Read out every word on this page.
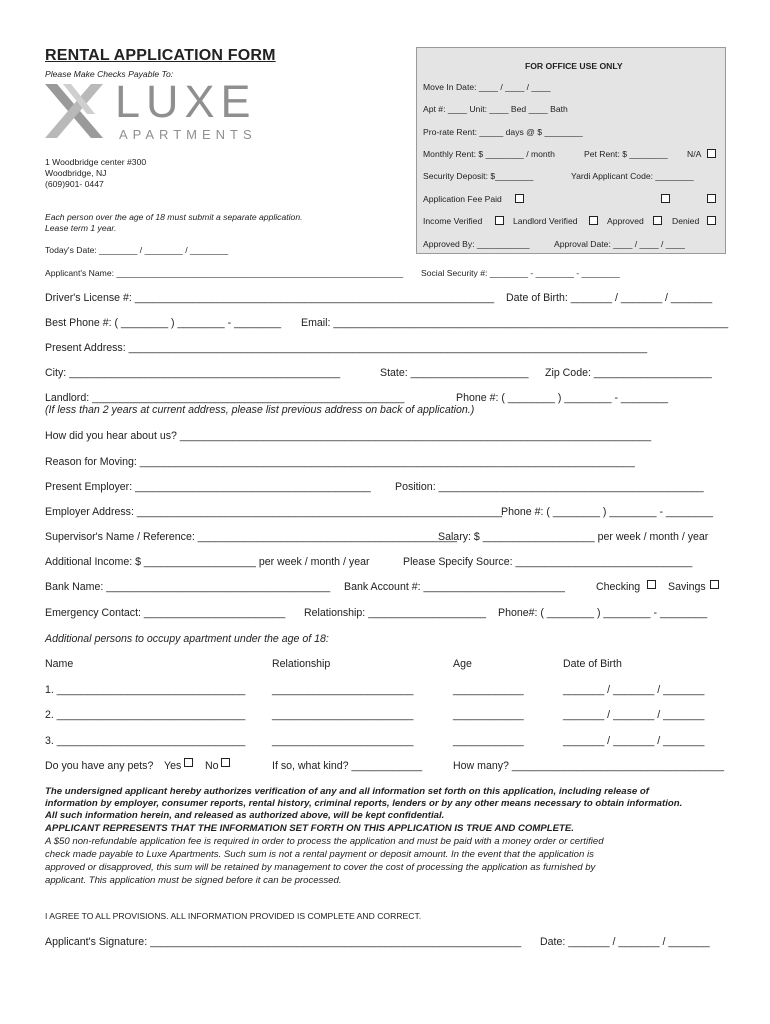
RENTAL APPLICATION FORM
Please Make Checks Payable To:
LUXE
APARTMENTS
1 Woodbridge center #300
Woodbridge, NJ
(609)901- 0447
Each person over the age of 18 must submit a separate application.
Lease term 1 year.
Today's Date: ________ / ________ / ________
FOR OFFICE USE ONLY
Move In Date: ____ / ____ / ____
Apt #: ____ Unit: ____ Bed ____ Bath
Pro-rate Rent: _____ days @ $ ________
Monthly Rent: $ ________ / month	Pet Rent: $ ________ N/A
Security Deposit: $________	Yardi Applicant Code: ________
Application Fee Paid
Income Verified	Landlord Verified	Approved	Denied
Approved By: ___________	Approval Date: ____ / ____ / ____
Applicant's Name: ____________________________________________________________ Social Security #: ________ - ________ - ________
Driver's License #: _____________________________________________________________ Date of Birth: _______ / _______ / _______
Best Phone #: ( ________ ) ________ - ________ Email: ___________________________________________________________________
Present Address: ________________________________________________________________________________________
City: ______________________________________________	State: ____________________ Zip Code: ____________________
Landlord: _____________________________________________________	Phone #: ( ________ ) ________ - ________
(If less than 2 years at current address, please list previous address on back of application.)
How did you hear about us? ________________________________________________________________________________
Reason for Moving: ____________________________________________________________________________________
Present Employer: ________________________________________ Position: _____________________________________________
Employer Address: ______________________________________________________________
Phone #: ( ________ ) ________ - ________
Supervisor's Name / Reference: ____________________________________________
Salary: $ ___________________ per week / month / year
Additional Income: $ ___________________ per week / month / year	Please Specify Source: ______________________________
Bank Name: ______________________________________ Bank Account #: ________________________	Checking	Savings
Emergency Contact: ________________________ Relationship: ____________________ Phone#: ( ________ ) ________ - ________
Additional persons to occupy apartment under the age of 18:
Name	Relationship	Age	Date of Birth
1. ________________________________	________________________	____________	_______ / _______ / _______
2. ________________________________	________________________	____________	_______ / _______ / _______
3. ________________________________	________________________	____________	_______ / _______ / _______
Do you have any pets? Yes No	If so, what kind? ____________	How many? ____________________________________
The undersigned applicant hereby authorizes verification of any and all information set forth on this application, including release of
information by employer, consumer reports, rental history, criminal reports, lenders or by any other means necessary to obtain information.
All such information herein, and released as authorized above, will be kept confidential.
APPLICANT REPRESENTS THAT THE INFORMATION SET FORTH ON THIS APPLICATION IS TRUE AND COMPLETE.
A $50 non-refundable application fee is required in order to process the application and must be paid with a money order or certified
check made payable to Luxe Apartments. Such sum is not a rental payment or deposit amount. In the event that the application is
approved or disapproved, this sum will be retained by management to cover the cost of processing the application as furnished by
applicant. This application must be signed before it can be processed.
I AGREE TO ALL PROVISIONS. ALL INFORMATION PROVIDED IS COMPLETE AND CORRECT.
Applicant's Signature: _______________________________________________________________ Date: _______ / _______ / _______
